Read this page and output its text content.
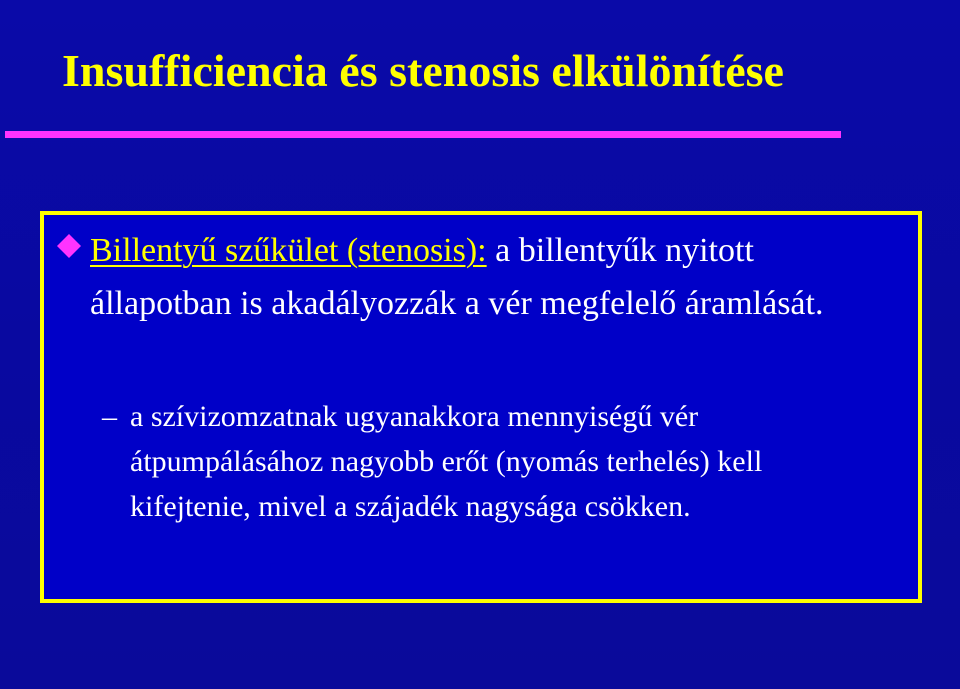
Insufficiencia és stenosis elkülönítése

Billentyű szűkület (stenosis): a billentyűk nyitott állapotban is akadályozzák a vér megfelelő áramlását.

– a szívizomzatnak ugyanakkora mennyiségű vér átpumpálásához nagyobb erőt (nyomás terhelés) kell kifejtenie, mivel a szájadék nagysága csökken.
